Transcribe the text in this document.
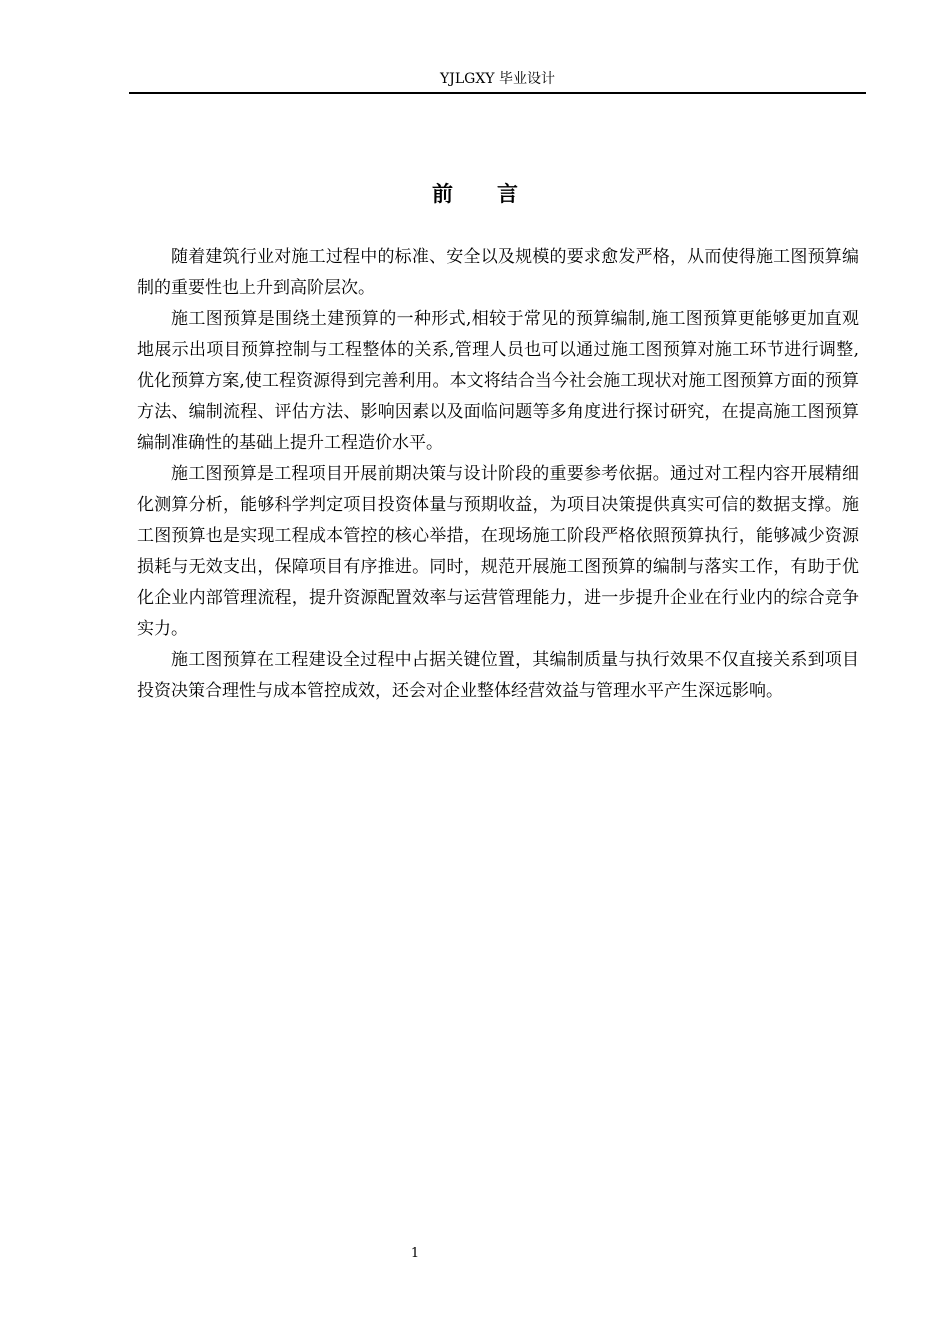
YJLGXY 毕业设计
前言

随着建筑行业对施工过程中的标准、安全以及规模的要求愈发严格，从而使得施工图预算编制的重要性也上升到高阶层次。

施工图预算是围绕土建预算的一种形式,相较于常见的预算编制,施工图预算更能够更加直观地展示出项目预算控制与工程整体的关系,管理人员也可以通过施工图预算对施工环节进行调整,优化预算方案,使工程资源得到完善利用。本文将结合当今社会施工现状对施工图预算方面的预算方法、编制流程、评估方法、影响因素以及面临问题等多角度进行探讨研究，在提高施工图预算编制准确性的基础上提升工程造价水平。

施工图预算是工程项目开展前期决策与设计阶段的重要参考依据。通过对工程内容开展精细化测算分析，能够科学判定项目投资体量与预期收益，为项目决策提供真实可信的数据支撑。施工图预算也是实现工程成本管控的核心举措，在现场施工阶段严格依照预算执行，能够减少资源损耗与无效支出，保障项目有序推进。同时，规范开展施工图预算的编制与落实工作，有助于优化企业内部管理流程，提升资源配置效率与运营管理能力，进一步提升企业在行业内的综合竞争实力。

施工图预算在工程建设全过程中占据关键位置，其编制质量与执行效果不仅直接关系到项目投资决策合理性与成本管控成效，还会对企业整体经营效益与管理水平产生深远影响。

1
